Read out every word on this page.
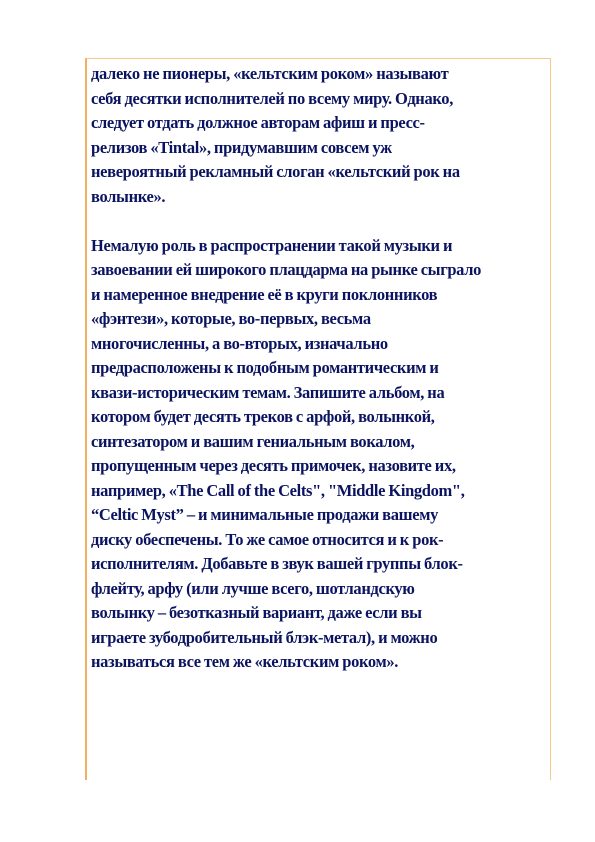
далеко не пионеры, «кельтским роком» называют
себя десятки исполнителей по всему миру. Однако,
следует отдать должное авторам афиш и пресс-
релизов «Tintal», придумавшим совсем уж
невероятный рекламный слоган «кельтский рок на
волынке».

Немалую роль в распространении такой музыки и
завоевании ей широкого плацдарма на рынке сыграло
и намеренное внедрение её в круги поклонников
«фэнтези», которые, во-первых, весьма
многочисленны, а во-вторых, изначально
предрасположены к подобным романтическим и
квази-историческим темам. Запишите альбом, на
котором будет десять треков с арфой, волынкой,
синтезатором и вашим гениальным вокалом,
пропущенным через десять примочек, назовите их,
например, «The Call of the Celts", "Middle Kingdom",
“Celtic Myst” – и минимальные продажи вашему
диску обеспечены. То же самое относится и к рок-
исполнителям. Добавьте в звук вашей группы блок-
флейту, арфу (или лучше всего, шотландскую
волынку – безотказный вариант, даже если вы
играете зубодробительный блэк-метал), и можно
называться все тем же «кельтским роком».
